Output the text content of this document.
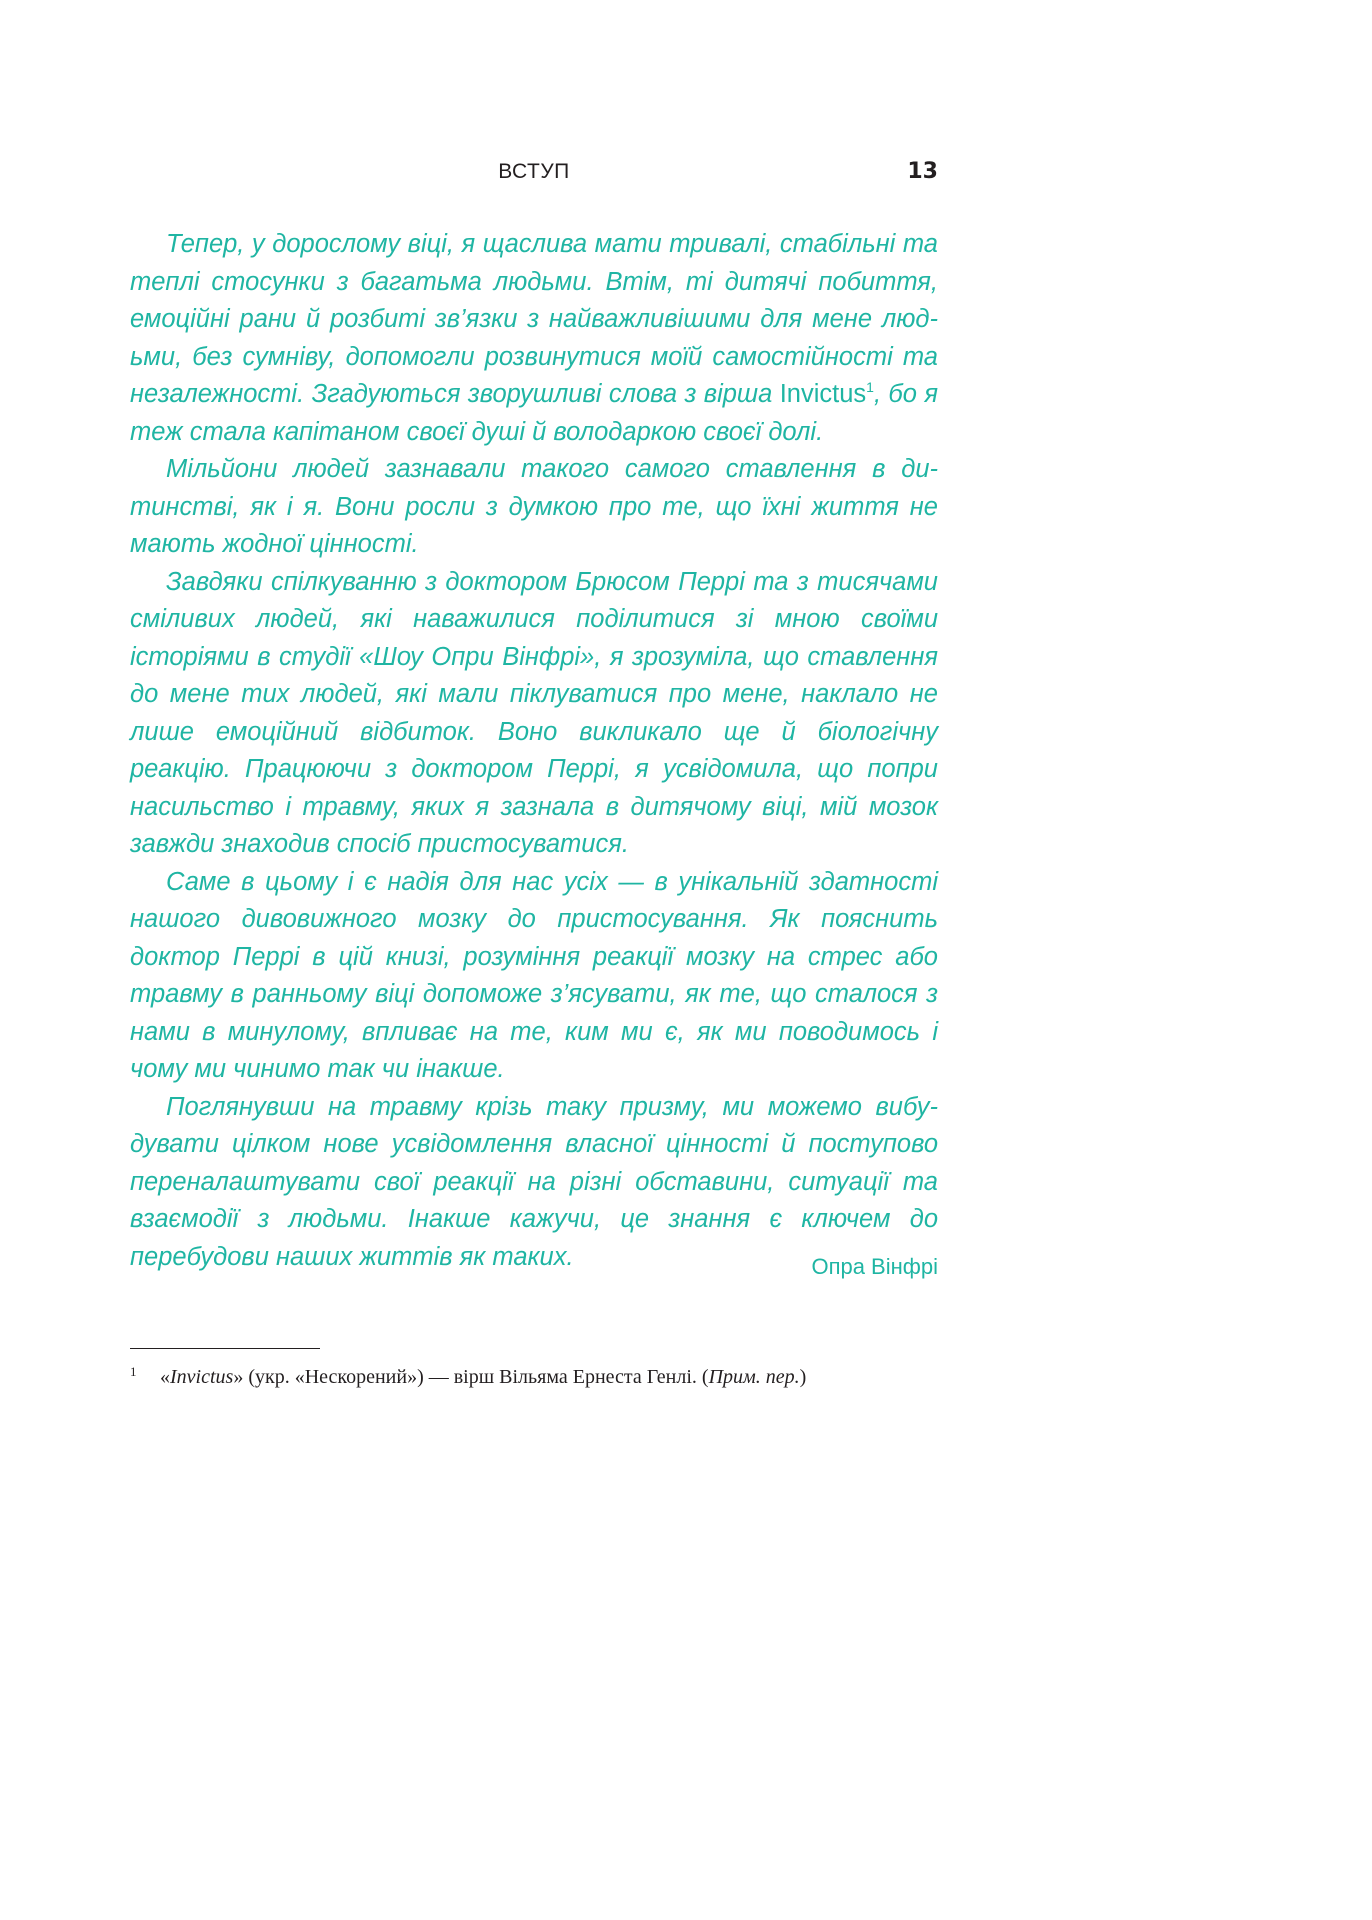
ВСТУП	13

Тепер, у дорослому віці, я щаслива мати тривалі, стабільні та теплі стосунки з багатьма людьми. Втім, ті дитячі побиття, емоційні рани й розбиті зв’язки з найважливішими для мене людьми, без сумніву, допомогли розвинутися моїй самостійності та незалежності. Згадуються зворушливі слова з вірша Invictus$^1$, бо я теж стала капітаном своєї душі й володаркою своєї долі.

Мільйони людей зазнавали такого самого ставлення в дитинстві, як і я. Вони росли з думкою про те, що їхні життя не мають жодної цінності.

Завдяки спілкуванню з доктором Брюсом Перрі та з тисячами сміливих людей, які наважилися поділитися зі мною своїми історіями в студії «Шоу Опри Вінфрі», я зрозуміла, що ставлення до мене тих людей, які мали піклуватися про мене, наклало не лише емоційний відбиток. Воно викликало ще й біологічну реакцію. Працюючи з доктором Перрі, я усвідомила, що попри насильство і травму, яких я зазнала в дитячому віці, мій мозок завжди знаходив спосіб пристосуватися.

Саме в цьому і є надія для нас усіх — в унікальній здатності нашого дивовижного мозку до пристосування. Як пояснить доктор Перрі в цій книзі, розуміння реакції мозку на стрес або травму в ранньому віці допоможе з’ясувати, як те, що сталося з нами в минулому, впливає на те, ким ми є, як ми поводимось і чому ми чинимо так чи інакше.

Поглянувши на травму крізь таку призму, ми можемо вибудувати цілком нове усвідомлення власної цінності й поступово переналаштувати свої реакції на різні обставини, ситуації та взаємодії з людьми. Інакше кажучи, це знання є ключем до перебудови наших життів як таких.	Опра Вінфрі
1 «Invictus» (укр. «Нескорений») — вірш Вільяма Ернеста Генлі. (Прим. пер.)
